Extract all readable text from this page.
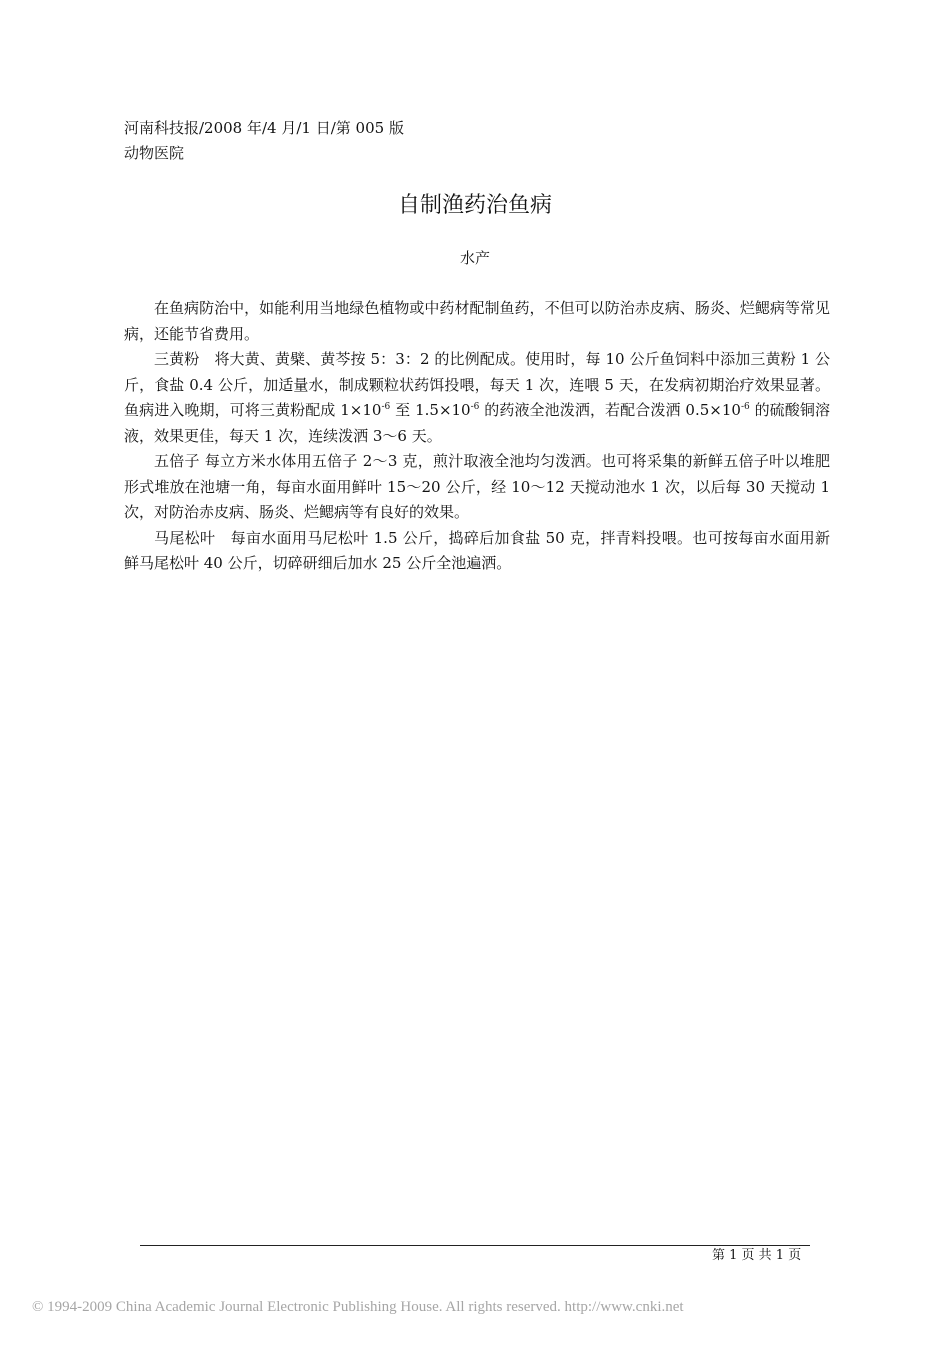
河南科技报/2008 年/4 月/1 日/第 005 版
动物医院
自制渔药治鱼病
水产

在鱼病防治中，如能利用当地绿色植物或中药材配制鱼药，不但可以防治赤皮病、肠炎、烂鳃病等常见病，还能节省费用。

三黄粉　将大黄、黄檗、黄芩按 5：3：2 的比例配成。使用时，每 10 公斤鱼饲料中添加三黄粉 1 公斤，食盐 0.4 公斤，加适量水，制成颗粒状药饵投喂，每天 1 次，连喂 5 天，在发病初期治疗效果显著。鱼病进入晚期，可将三黄粉配成 $1\times 10^{-6}$ 至 $1.5\times 10^{-6}$ 的药液全池泼洒，若配合泼洒 $0.5\times 10^{-6}$ 的硫酸铜溶液，效果更佳，每天 1 次，连续泼洒 3～6 天。

五倍子 每立方米水体用五倍子 2～3 克，煎汁取液全池均匀泼洒。也可将采集的新鲜五倍子叶以堆肥形式堆放在池塘一角，每亩水面用鲜叶 15～20 公斤，经 10～12 天搅动池水 1 次，以后每 30 天搅动 1 次，对防治赤皮病、肠炎、烂鳃病等有良好的效果。

马尾松叶　每亩水面用马尼松叶 1.5 公斤，捣碎后加食盐 50 克，拌青料投喂。也可按每亩水面用新鲜马尾松叶 40 公斤，切碎研细后加水 25 公斤全池遍洒。

第 1 页 共 1 页
© 1994-2009 China Academic Journal Electronic Publishing House. All rights reserved. http://www.cnki.net
